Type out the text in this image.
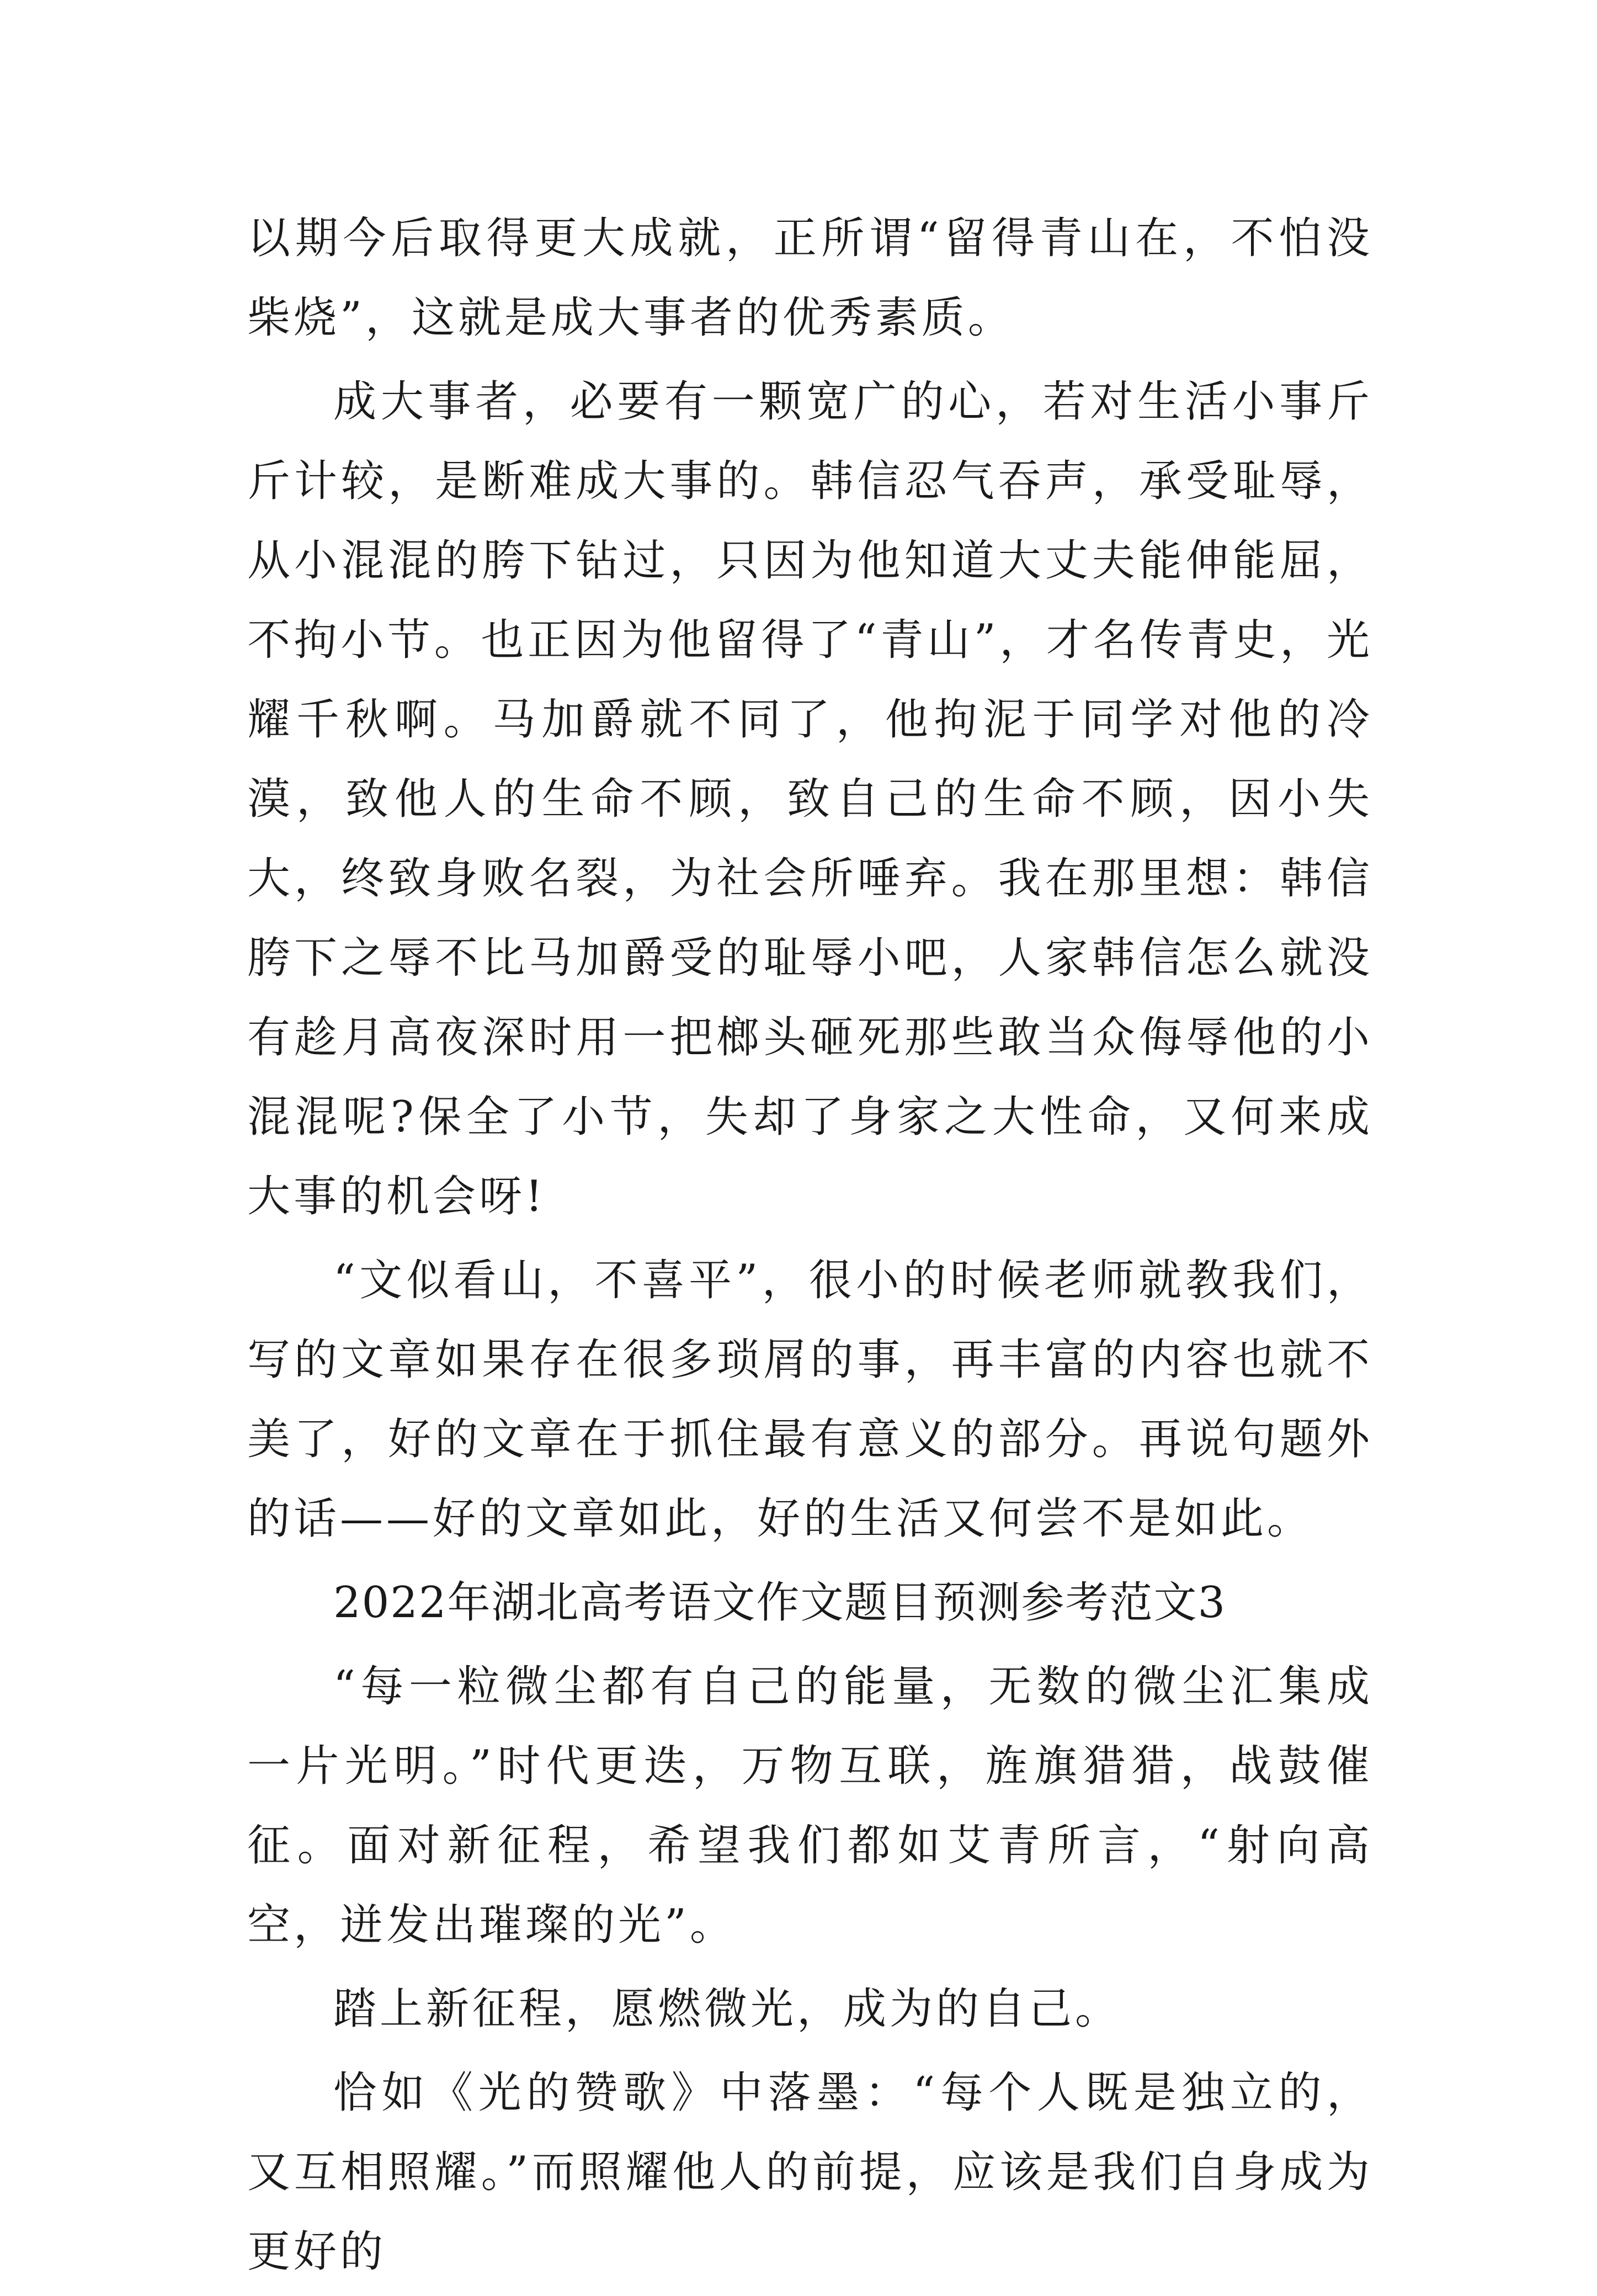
以期今后取得更大成就，正所谓“留得青山在，不怕没柴烧”，这就是成大事者的优秀素质。

成大事者，必要有一颗宽广的心，若对生活小事斤斤计较，是断难成大事的。韩信忍气吞声，承受耻辱，从小混混的胯下钻过，只因为他知道大丈夫能伸能屈，不拘小节。也正因为他留得了“青山”，才名传青史，光耀千秋啊。马加爵就不同了，他拘泥于同学对他的冷漠，致他人的生命不顾，致自己的生命不顾，因小失大，终致身败名裂，为社会所唾弃。我在那里想：韩信胯下之辱不比马加爵受的耻辱小吧，人家韩信怎么就没有趁月高夜深时用一把榔头砸死那些敢当众侮辱他的小混混呢?保全了小节，失却了身家之大性命，又何来成大事的机会呀!

“文似看山，不喜平”，很小的时候老师就教我们，写的文章如果存在很多琐屑的事，再丰富的内容也就不美了，好的文章在于抓住最有意义的部分。再说句题外的话——好的文章如此，好的生活又何尝不是如此。

2022年湖北高考语文作文题目预测参考范文3

“每一粒微尘都有自己的能量，无数的微尘汇集成一片光明。”时代更迭，万物互联，旌旗猎猎，战鼓催征。面对新征程，希望我们都如艾青所言，“射向高空，迸发出璀璨的光”。

踏上新征程，愿燃微光，成为的自己。

恰如《光的赞歌》中落墨：“每个人既是独立的，又互相照耀。”而照耀他人的前提，应该是我们自身成为更好的
